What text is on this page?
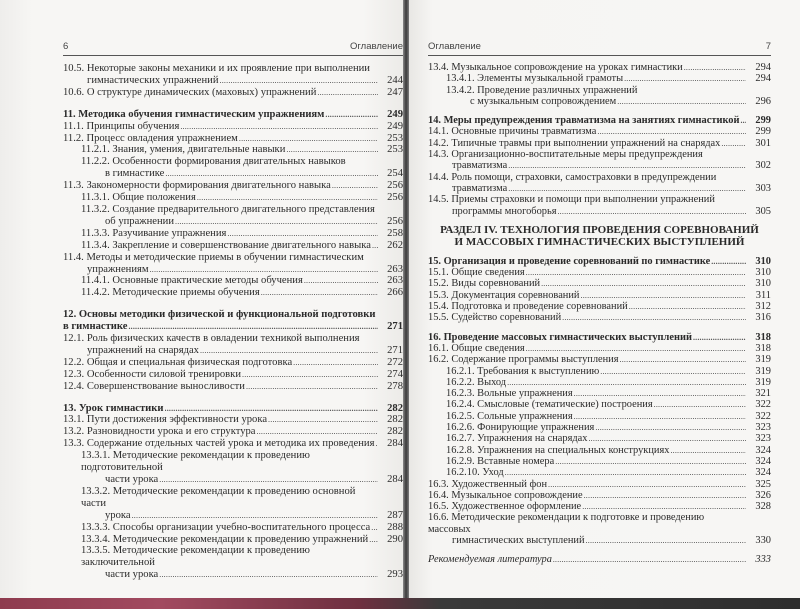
6	Оглавление
10.5. Некоторые законы механики и их проявление при выполнении
гимнастических упражнений .....	244
10.6. О структуре динамических (маховых) упражнений .....	247
11. Методика обучения гимнастическим упражнениям .....	249
11.1. Принципы обучения .....	249
11.2. Процесс овладения упражнением .....	253
11.2.1. Знания, умения, двигательные навыки .....	253
11.2.2. Особенности формирования двигательных навыков
в гимнастике .....	254
11.3. Закономерности формирования двигательного навыка .....	256
11.3.1. Общие положения .....	256
11.3.2. Создание предварительного двигательного представления
об упражнении .....	256
11.3.3. Разучивание упражнения .....	258
11.3.4. Закрепление и совершенствование двигательного навыка ..... 262
11.4. Методы и методические приемы в обучении гимнастическим
упражнениям .....	263
11.4.1. Основные практические методы обучения .....	263
11.4.2. Методические приемы обучения .....	266
12. Основы методики физической и функциональной подготовки
в гимнастике .....	271
12.1. Роль физических качеств в овладении техникой выполнения
упражнений на снарядах .....	271
12.2. Общая и специальная физическая подготовка .....	272
12.3. Особенности силовой тренировки .....	274
12.4. Совершенствование выносливости .....	278
13. Урок гимнастики .....	282
13.1. Пути достижения эффективности урока .....	282
13.2. Разновидности урока и его структура .....	282
13.3. Содержание отдельных частей урока и методика их проведения ..... 284
13.3.1. Методические рекомендации к проведению подготовительной
части урока .....	284
13.3.2. Методические рекомендации к проведению основной части
урока .....	287
13.3.3. Способы организации учебно-воспитательного процесса ..... 288
13.3.4. Методические рекомендации к проведению упражнений ..... 290
13.3.5. Методические рекомендации к проведению заключительной
части урока .....	293
Оглавление	7
13.4. Музыкальное сопровождение на уроках гимнастики .....	294
13.4.1. Элементы музыкальной грамоты .....	294
13.4.2. Проведение различных упражнений
с музыкальным сопровождением .....	296
14. Меры предупреждения травматизма на занятиях гимнастикой ..... 299
14.1. Основные причины травматизма .....	299
14.2. Типичные травмы при выполнении упражнений на снарядах .....	301
14.3. Организационно-воспитательные меры предупреждения
травматизма .....	302
14.4. Роль помощи, страховки, самостраховки в предупреждении
травматизма .....	303
14.5. Приемы страховки и помощи при выполнении упражнений
программы многоборья .....	305
РАЗДЕЛ IV. ТЕХНОЛОГИЯ ПРОВЕДЕНИЯ СОРЕВНОВАНИЙ
И МАССОВЫХ ГИМНАСТИЧЕСКИХ ВЫСТУПЛЕНИЙ
15. Организация и проведение соревнований по гимнастике .....	310
15.1. Общие сведения .....	310
15.2. Виды соревнований .....	310
15.3. Документация соревнований .....	311
15.4. Подготовка и проведение соревнований .....	312
15.5. Судейство соревнований .....	316
16. Проведение массовых гимнастических выступлений .....	318
16.1. Общие сведения .....	318
16.2. Содержание программы выступления .....	319
16.2.1. Требования к выступлению .....	319
16.2.2. Выход .....	319
16.2.3. Вольные упражнения .....	321
16.2.4. Смысловые (тематические) построения .....	322
16.2.5. Сольные упражнения .....	322
16.2.6. Фонирующие упражнения .....	323
16.2.7. Упражнения на снарядах .....	323
16.2.8. Упражнения на специальных конструкциях .....	324
16.2.9. Вставные номера .....	324
16.2.10. Уход .....	324
16.3. Художественный фон .....	325
16.4. Музыкальное сопровождение .....	326
16.5. Художественное оформление .....	328
16.6. Методические рекомендации к подготовке и проведению массовых
гимнастических выступлений .....	330
Рекомендуемая литература .....	333
